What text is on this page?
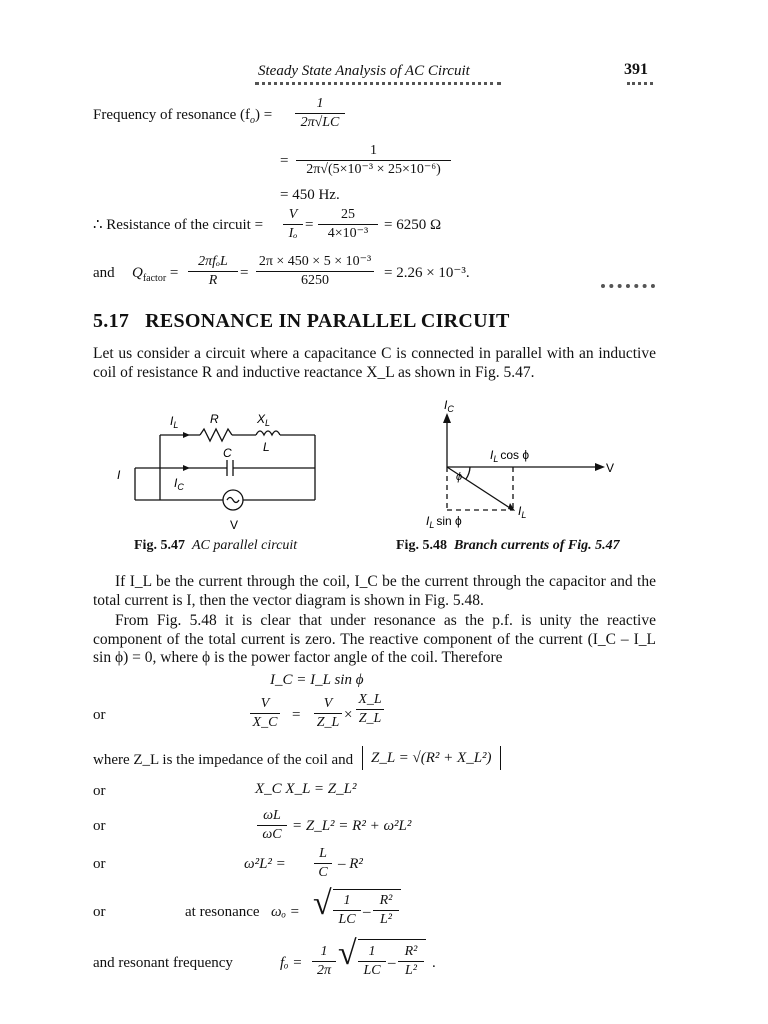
Steady State Analysis of AC Circuit	391
Frequency of resonance $(f_o)$ =
1
2π√LC
=
1
2π√(5×10⁻³ × 25×10⁻⁶)
= 450 Hz.
∴ Resistance of the circuit =
V
Iₒ
=
25
4×10⁻³
= 6250 Ω
and $Q_{factor}$ =
2πfₒL
R	=
2π × 450 × 5 × 10⁻³
6250	= 2.26 × 10⁻³.
5.17 RESONANCE IN PARALLEL CIRCUIT
Let us consider a circuit where a capacitance C is connected in parallel with an inductive coil of resistance R and inductive reactance X_L as shown in Fig. 5.47.
$I_L$	R	$X_L$
L
C
I
$I_C$
V
Fig. 5.47 AC parallel circuit
$I_C$
$I_L$ cos ϕ
ϕ
V
$I_L$
$I_L$ sin ϕ
Fig. 5.48 Branch currents of Fig. 5.47
If I_L be the current through the coil, I_C be the current through the capacitor and the total current is I, then the vector diagram is shown in Fig. 5.48.
From Fig. 5.48 it is clear that under resonance as the p.f. is unity the reactive component of the total current is zero. The reactive component of the current (I_C – I_L sin ϕ) = 0, where ϕ is the power factor angle of the coil. Therefore
I_C = I_L sin ϕ
or
V
X_C =
V
Z_L ×
X_L
Z_L
where Z_L is the impedance of the coil and	Z_L = √(R² + X_L²)
or	X_C X_L = Z_L²
or
ωL
ωC
= Z_L² = R² + ω²L²
or	ω²L² =
L
C
– R²
or	at resonance ωₒ = √ 1
LC –
R²
L²
and resonant frequency	fₒ =
1
2π √ 1
LC –
R²
L²	.
